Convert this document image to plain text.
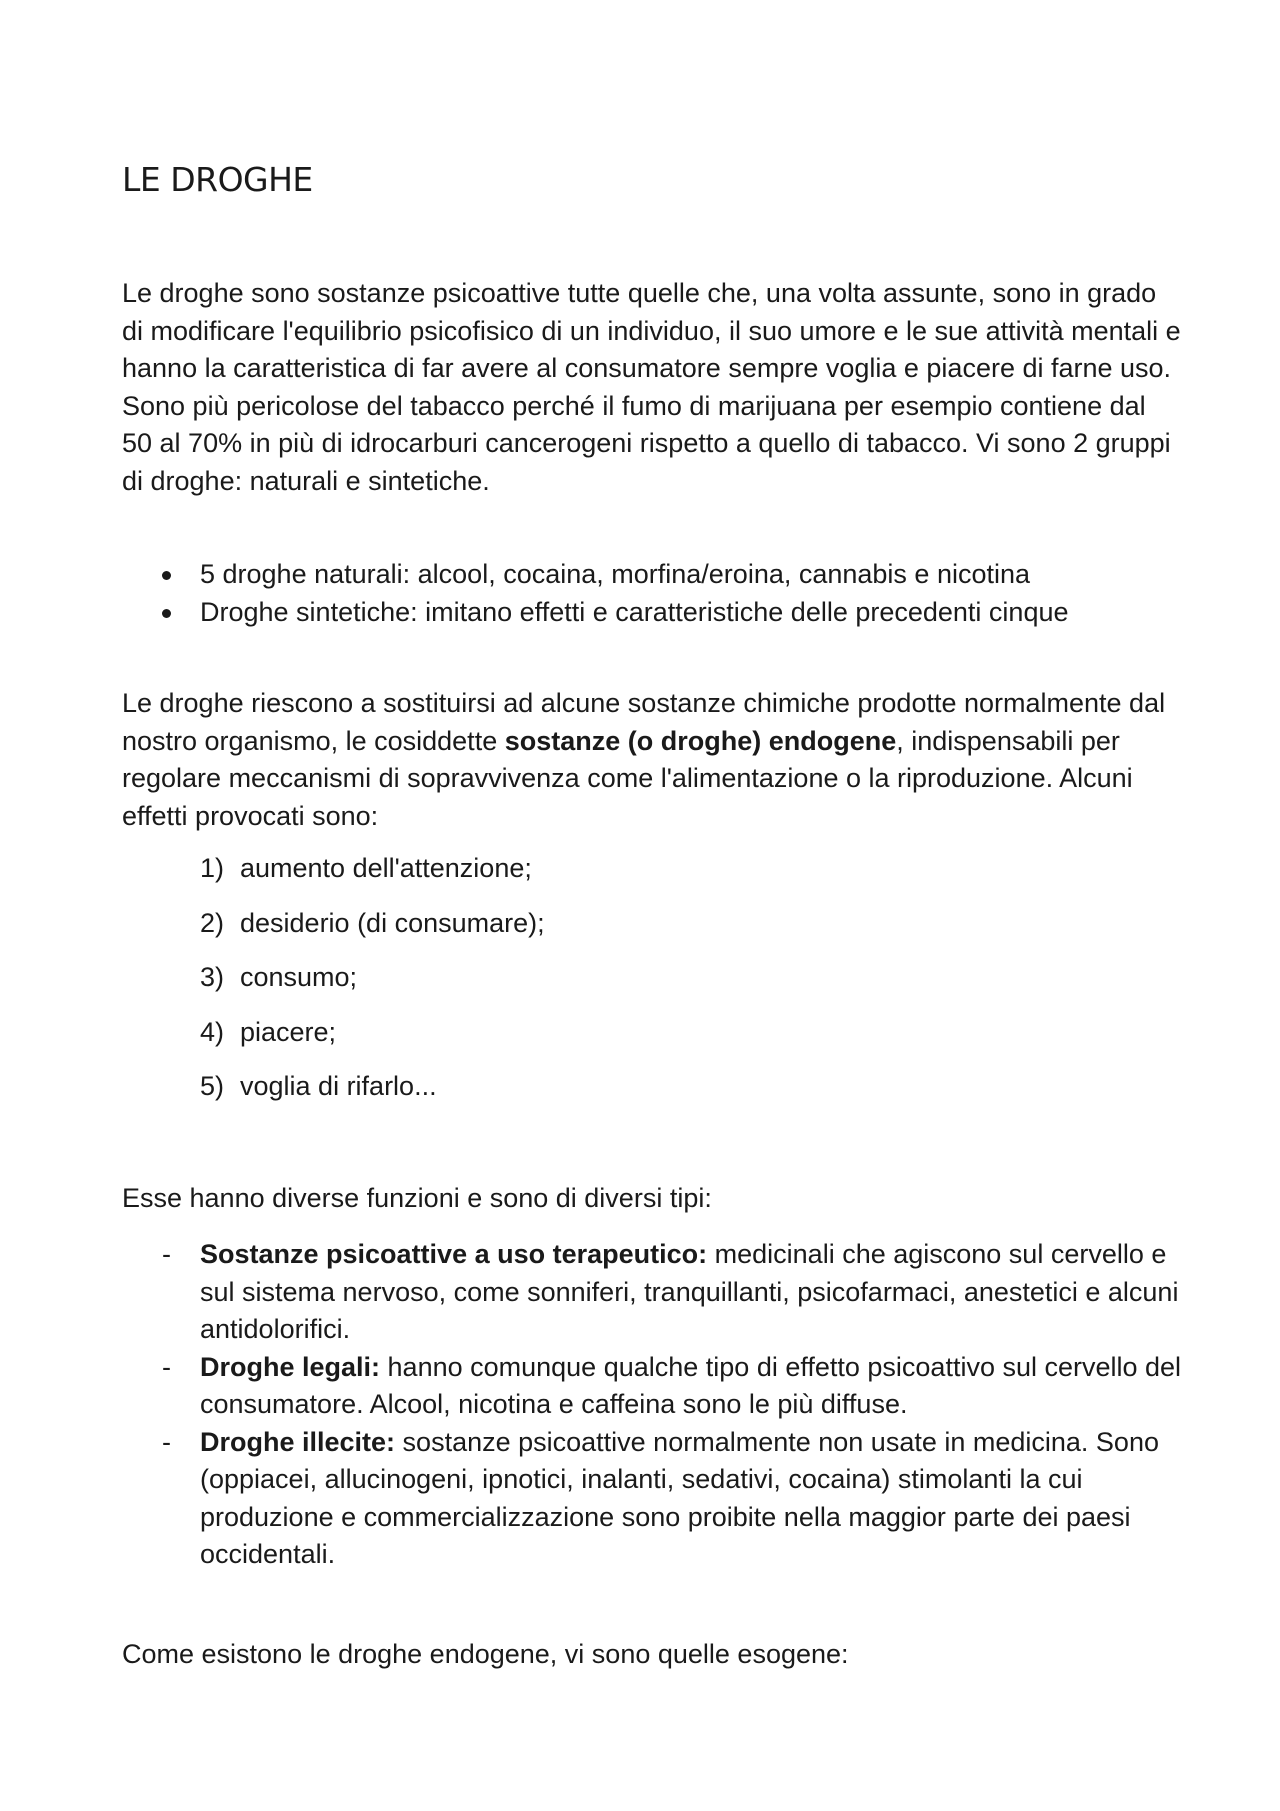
LE DROGHE

Le droghe sono sostanze psicoattive tutte quelle che, una volta assunte, sono in grado di modificare l'equilibrio psicofisico di un individuo, il suo umore e le sue attività mentali e hanno la caratteristica di far avere al consumatore sempre voglia e piacere di farne uso. Sono più pericolose del tabacco perché il fumo di marijuana per esempio contiene dal 50 al 70% in più di idrocarburi cancerogeni rispetto a quello di tabacco. Vi sono 2 gruppi di droghe: naturali e sintetiche.

5 droghe naturali: alcool, cocaina, morfina/eroina, cannabis e nicotina
Droghe sintetiche: imitano effetti e caratteristiche delle precedenti cinque

Le droghe riescono a sostituirsi ad alcune sostanze chimiche prodotte normalmente dal nostro organismo, le cosiddette sostanze (o droghe) endogene, indispensabili per regolare meccanismi di sopravvivenza come l'alimentazione o la riproduzione. Alcuni effetti provocati sono:

1) aumento dell'attenzione;
2) desiderio (di consumare);
3) consumo;
4) piacere;
5) voglia di rifarlo...

Esse hanno diverse funzioni e sono di diversi tipi:

- Sostanze psicoattive a uso terapeutico: medicinali che agiscono sul cervello e sul sistema nervoso, come sonniferi, tranquillanti, psicofarmaci, anestetici e alcuni antidolorifici.
- Droghe legali: hanno comunque qualche tipo di effetto psicoattivo sul cervello del consumatore. Alcool, nicotina e caffeina sono le più diffuse.
- Droghe illecite: sostanze psicoattive normalmente non usate in medicina. Sono (oppiacei, allucinogeni, ipnotici, inalanti, sedativi, cocaina) stimolanti la cui produzione e commercializzazione sono proibite nella maggior parte dei paesi occidentali.

Come esistono le droghe endogene, vi sono quelle esogene:
